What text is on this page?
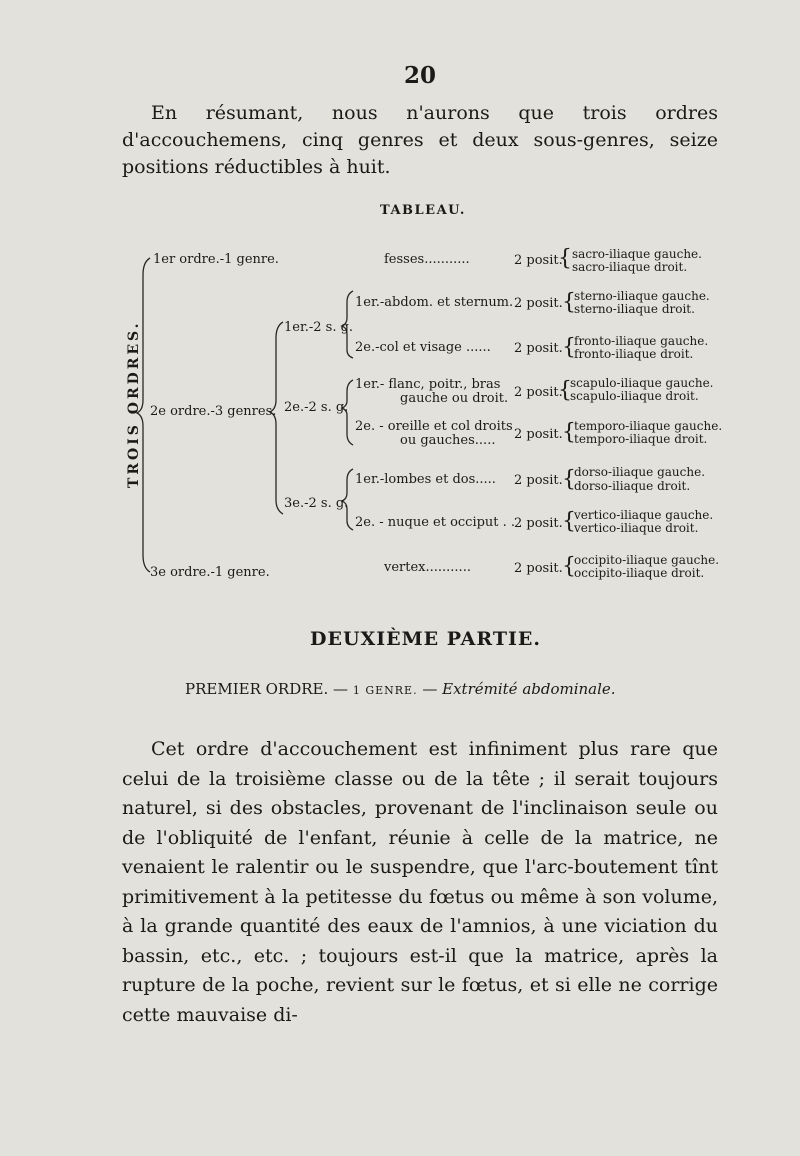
20

En résumant, nous n'aurons que trois ordres d'accouchemens, cinq genres et deux sous-genres, seize positions réductibles à huit.

TABLEAU.
TROIS ORDRES.
1er ordre.-1 genre.
2e ordre.-3 genres.
3e ordre.-1 genre.
1er.-2 s. g.
2e.-2 s. g.
3e.-2 s. g.
fesses...........	2 posit.
{ sacro-iliaque gauche.
sacro-iliaque droit.
1er.-abdom. et sternum. 2 posit. {
sterno-iliaque gauche.
sterno-iliaque droit.
2e.-col et visage ...... 2 posit. {
fronto-iliaque gauche.
fronto-iliaque droit.
1er.- flanc, poitr., bras
gauche ou droit. 2 posit.
{
scapulo-iliaque gauche.
scapulo-iliaque droit.
2e. - oreille et col droits
ou gauches..... 2 posit. {
temporo-iliaque gauche.
temporo-iliaque droit.
1er.-lombes et dos..... 2 posit. {
dorso-iliaque gauche.
dorso-iliaque droit.
2e. - nuque et occiput . .
2 posit. {
vertico-iliaque gauche.
vertico-iliaque droit.
vertex...........	2 posit. {
occipito-iliaque gauche.
occipito-iliaque droit.
DEUXIÈME PARTIE.
PREMIER ORDRE. — 1 GENRE. — Extrémité abdominale.

Cet ordre d'accouchement est infiniment plus rare que celui de la troisième classe ou de la tête ; il serait toujours naturel, si des obstacles, provenant de l'inclinaison seule ou de l'obliquité de l'enfant, réunie à celle de la matrice, ne venaient le ralentir ou le suspendre, que l'arc-boutement tînt primitivement à la petitesse du fœtus ou même à son volume, à la grande quantité des eaux de l'amnios, à une viciation du bassin, etc., etc. ; toujours est-il que la matrice, après la rupture de la poche, revient sur le fœtus, et si elle ne corrige cette mauvaise di-
